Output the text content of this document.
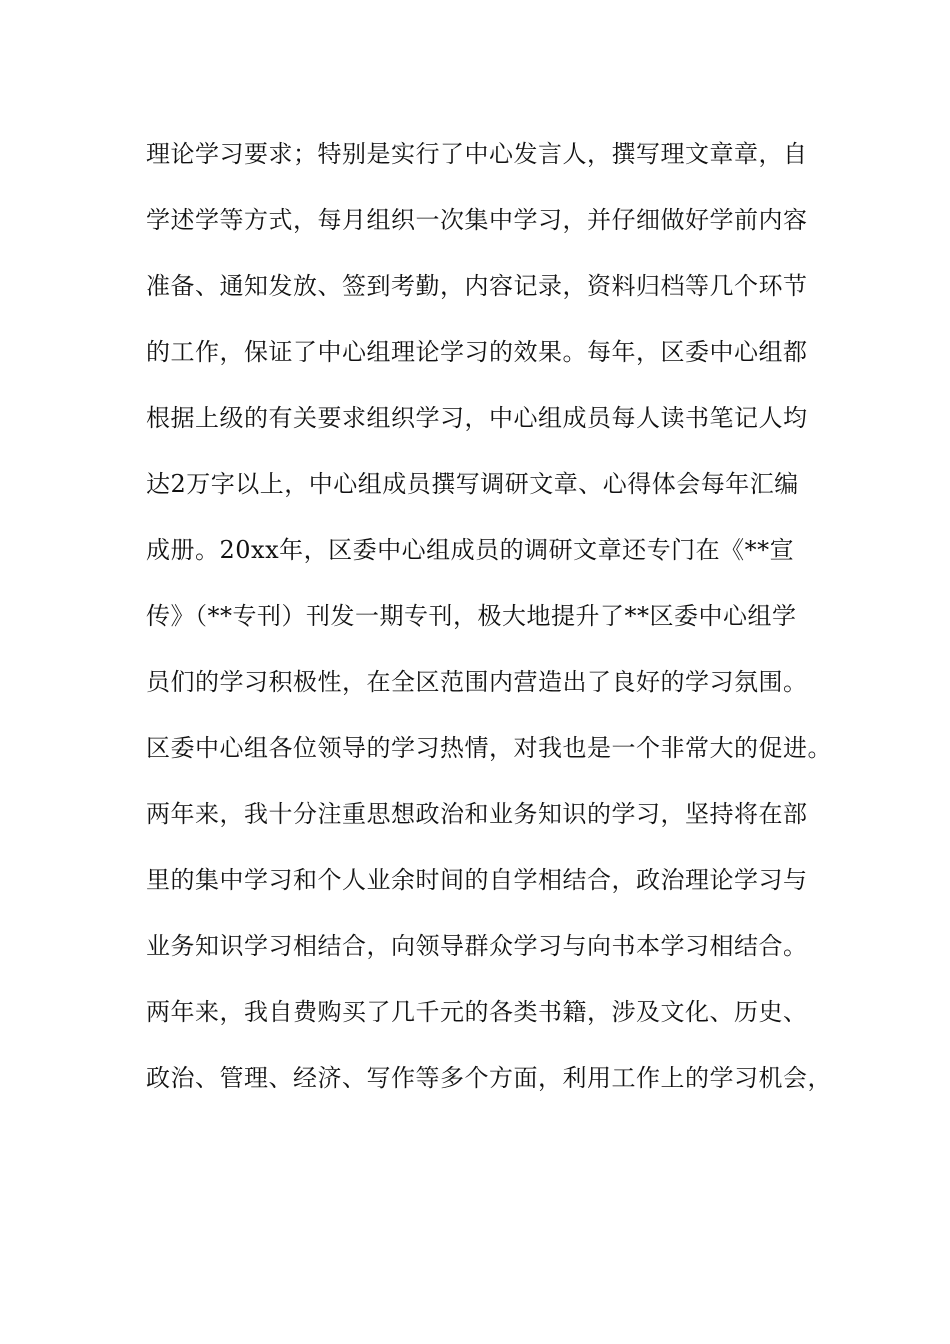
理论学习要求；特别是实行了中心发言人，撰写理文章章，自
学述学等方式，每月组织一次集中学习，并仔细做好学前内容
准备、通知发放、签到考勤，内容记录，资料归档等几个环节
的工作，保证了中心组理论学习的效果。每年，区委中心组都
根据上级的有关要求组织学习，中心组成员每人读书笔记人均
达2万字以上，中心组成员撰写调研文章、心得体会每年汇编
成册。20xx年，区委中心组成员的调研文章还专门在《**宣
传》（**专刊）刊发一期专刊，极大地提升了**区委中心组学
员们的学习积极性，在全区范围内营造出了良好的学习氛围。
区委中心组各位领导的学习热情，对我也是一个非常大的促进。
两年来，我十分注重思想政治和业务知识的学习，坚持将在部
里的集中学习和个人业余时间的自学相结合，政治理论学习与
业务知识学习相结合，向领导群众学习与向书本学习相结合。
两年来，我自费购买了几千元的各类书籍，涉及文化、历史、
政治、管理、经济、写作等多个方面，利用工作上的学习机会，
